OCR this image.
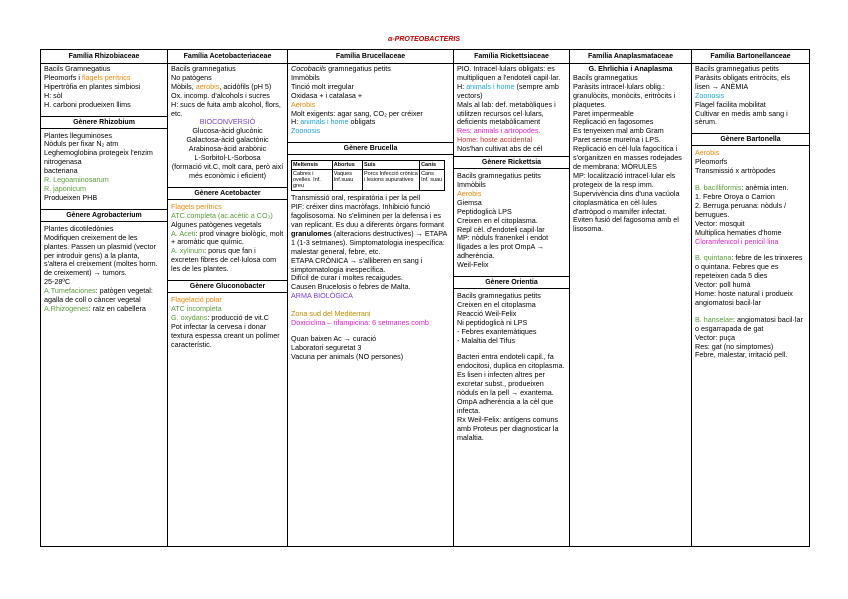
α-PROTEOBACTERIS
Família Rhizobiaceae
Bacils Gramnegatius
Pleomorfs i flagels perítrics
Hipertròfia en plantes simbiosi
H: sòl
H. carboni produeixen llims
Gènere Rhizobium
Plantes lleguminoses
Nòduls per fixar N₂ atm
Leghemoglobina protegeix l'enzim nitrogenasa
bacteriana
R. Legoaminosarum
R. japonicum
Produeixen PHB
Gènere Agrobacterium
Plantes dicotiledònies
Modifiquen creixement de les plantes. Passen un plasmid (vector per introduir gens) a la planta, s'altera el creixement (moltes horm. de creixement) → tumors.
25-28ºC
A.Tumefaciones: patògen vegetal: agalla de coll o càncer vegetal
A.Rhizogenes: raïz en cabellera
Família Acetobacteriaceae
Bacils gramnegatius
No patògens
Mòbils, aerobis, acidòfils (pH 5)
Ox. incomp. d'alcohols i sucres
H: sucs de fuita amb alcohol, flors, etc.
BIOCONVERSIÓ
Glucosa-àcid glucònic
Galactosa-àcid galactònic
Arabinosa-àcid arabònic
L-Sorbitol-L-Sorbosa
(formació vit.C, molt cara, però així més econòmic i eficient)
Gènere Acetobacter
Flagels perítrics
ATC completa (ac.acètic a CO₂)
Algunes patògenes vegetals
A. Aceti: prod vinagre biològic, molt + aromàtic que químic.
A. xylinum: porus que fan i excreten fibres de cel·lulosa com les de les plantes.
Gènere Gluconobacter
Flagelació polar
ATC incompleta
G. oxydans: producció de vit.C
Pot infectar la cervesa i donar textura espessa creant un polímer característic.
Família Brucellaceae
Cocobacils gramnegatius petits
Immòbils
Tinció molt irregular
Oxidasa + i catalasa +
Aerobis
Molt exigents: agar sang, CO₂ per créixer
H: animals i home obligats
Zoonosis
Gènere Brucella
Meltensis	Abortus	Suis	Canis
Cabres i ovelles. Inf. greu	Vaques Inf.suau	Porcs Infecció crònica i lesions supuratives	Cans Inf. suau
Transmissió oral, respiratòria i per la pell
PIF: créixer dins macròfags. Inhibició funció fagolisosoma. No s'eliminen per la defensa i es van replicant. Es duu a diferents òrgans formant granulomes (alteracions destructives) → ETAPA 1 (1-3 setmanes). Simptomatologia inespecífica: malestar general, febre, etc.
ETAPA CRÒNICA → s'alliberen en sang i simptomatologia inespecífica.
Difícil de curar i moltes recaigudes.
Causen Brucelosis o febres de Malta.
ARMA BIOLÒGICA
Zona sud del Mediterrani
Doxiciclina – rifampicina: 6 setmanes comb
Quan baixen Ac → curació
Laboratori seguretat 3
Vacuna per animals (NO persones)
Família Rickettsiaceae
PIO. Intracel·lulars obligats: es multipliquen a l'endoteli capil·lar.
H: animals i home (sempre amb vectors)
Mals al lab: def. metabòliques i utilitzen recursos cel·lulars, deficients metabòlicament
Res: animals i artròpodes.
Home: hoste accidental
Nos'han cultivat abs de cél
Gènere Rickettsia
Bacils gramnegatius petits
Immòbils
Aerobis
Giemsa
Peptidoglicà LPS
Creixen en el citoplasma.
Repl cèl. d'endoteli capil·lar
MP: nòduls franenkel i endot lligades a les prot OmpA → adherència.
Weil-Felix
Gènere Orientia
Bacils gramnegatius petits
Creixen en el citoplasma
Reacció Weil-Felix
Ni peptidoglicà ni LPS
- Febres exantemàtiques
- Malaltia del Tifus
Bacteri entra endoteli capil., fa endocitosi, duplica en citoplasma. Es lisen i infecten altres per excretar subst., produeixen nòduls en la pell → exantema. OmpA adherència a la cèl que infecta.
Rx Weil-Felix: antígens comuns amb Proteus per diagnosticar la malaltia.
Família Anaplasmataceae
G. Ehrlichia i Anaplasma
Bacils gramnegatius
Paràsits intracel·lulars oblig.: granulòcits, monòcits, eritròcits i plaquetes.
Paret impermeable
Replicació en fagosomes
Es tenyeixen mal amb Gram
Paret sense mureïna i LPS.
Replicació en cèl·lula fagocítica i s'organitzen en masses rodejades de membrana: MÒRULES
MP: localització intracel·lular els protegeix de la resp imm. Supervivència dins d'una vacúola citoplasmàtica en cèl·lules d'artròpod o mamífer infectat.
Eviten fusió del fagosoma amb el lisosoma.
Família Bartonellanceae
Bacils gramnegatius petits
Paràsits obligats eritròcits, els lisen → ANÈMIA
Zoonosis
Flagel facilita mobilitat
Cultivar en medis amb sang i sèrum.
Gènere Bartonella
Aerobis
Pleomorfs
Transmissió x artròpodes
B. bacilliformis: anèmia inten.
1. Febre Oroya o Carrion
2. Berruga peruana: nòduls / berrugues.
Vector: mosquit
Multiplica hematies d'home
Cloramfenicol i penicil·lina
B. quintana: febre de les trinxeres o quintana. Febres que es repeteixen cada 5 dies
Vector: poll humà
Home: hoste natural i produeix angiomatosi bacil·lar
B. hanselae: angiomatosi bacil·lar o esgarrapada de gat
Vector: puça
Res: gat (no simptomes)
Febre, malestar, irritació pell.
